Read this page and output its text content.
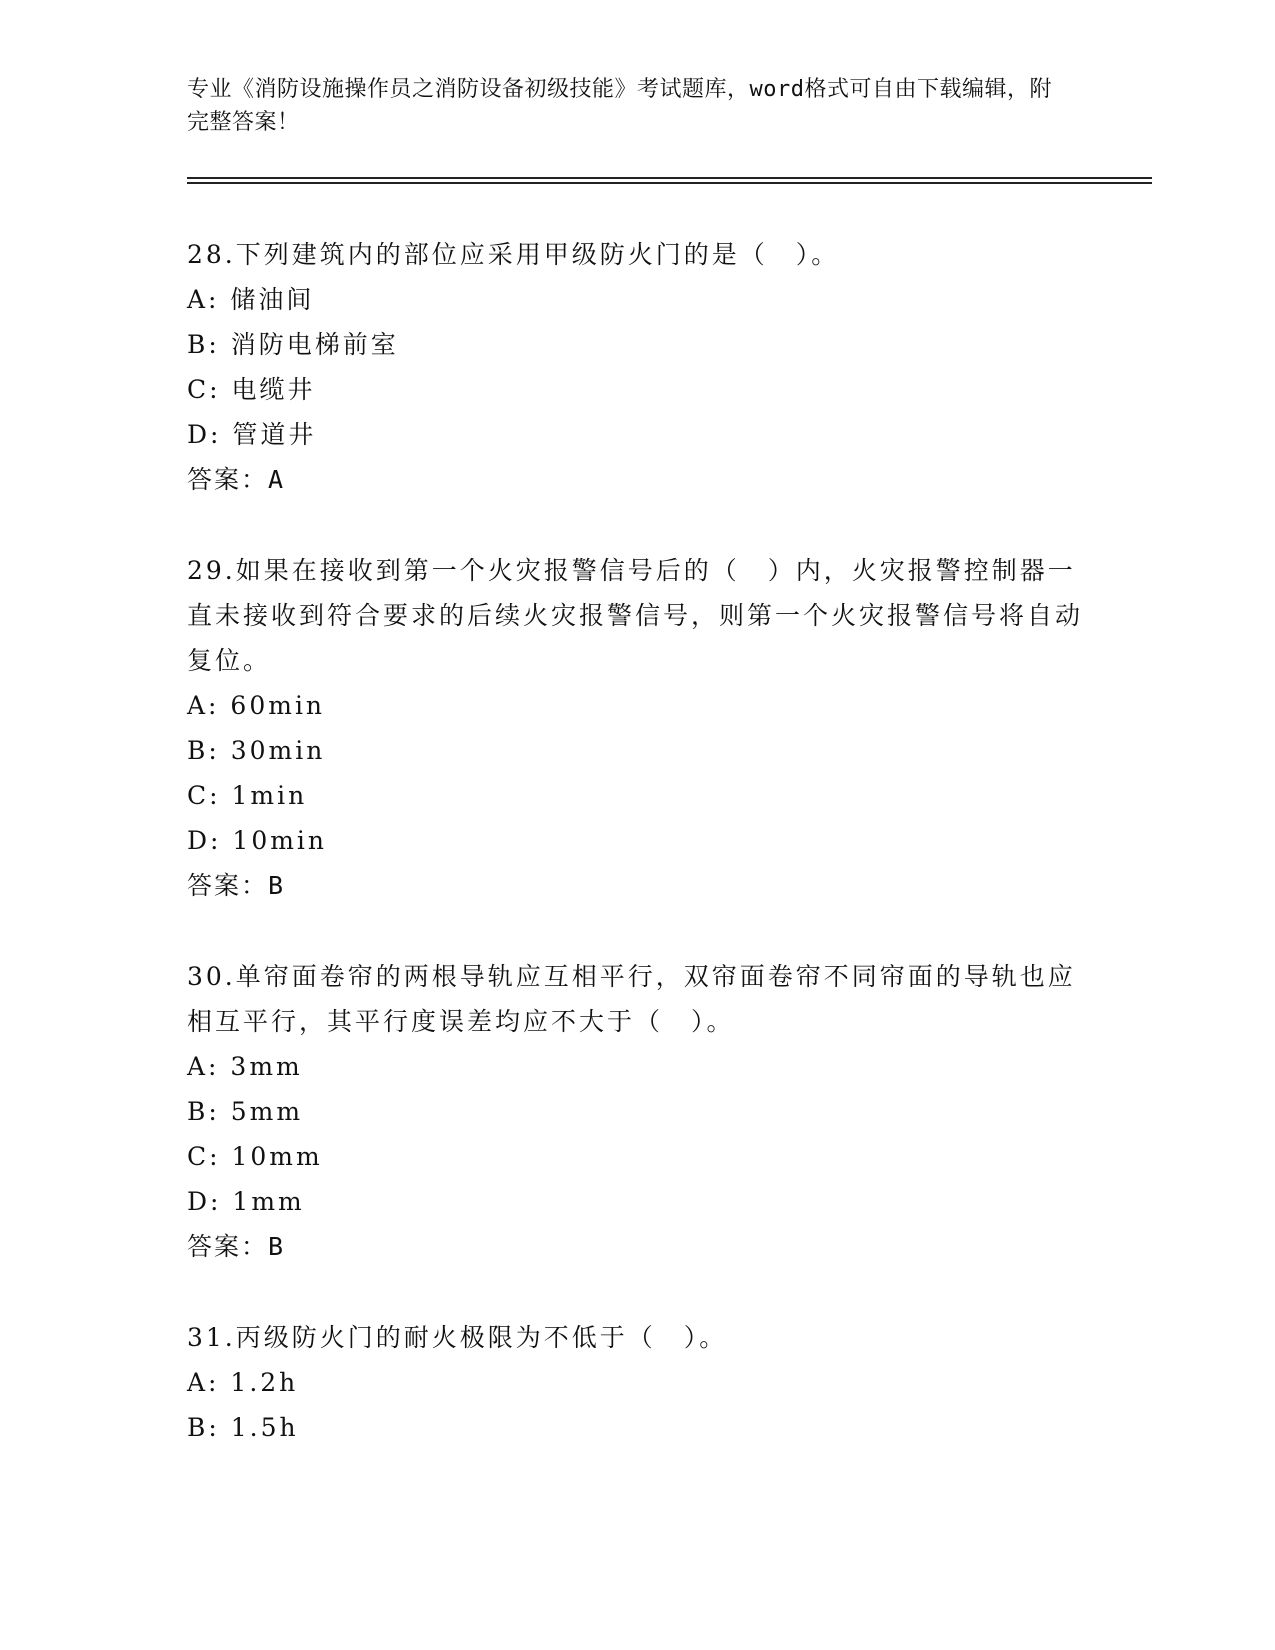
专业《消防设施操作员之消防设备初级技能》考试题库，word格式可自由下载编辑，附完整答案！
28.下列建筑内的部位应采用甲级防火门的是（　）。
A: 储油间
B: 消防电梯前室
C: 电缆井
D: 管道井
答案：A
29.如果在接收到第一个火灾报警信号后的（　）内，火灾报警控制器一直未接收到符合要求的后续火灾报警信号，则第一个火灾报警信号将自动复位。
A: 60min
B: 30min
C: 1min
D: 10min
答案：B
30.单帘面卷帘的两根导轨应互相平行，双帘面卷帘不同帘面的导轨也应相互平行，其平行度误差均应不大于（　）。
A: 3mm
B: 5mm
C: 10mm
D: 1mm
答案：B
31.丙级防火门的耐火极限为不低于（　）。
A: 1.2h
B: 1.5h
